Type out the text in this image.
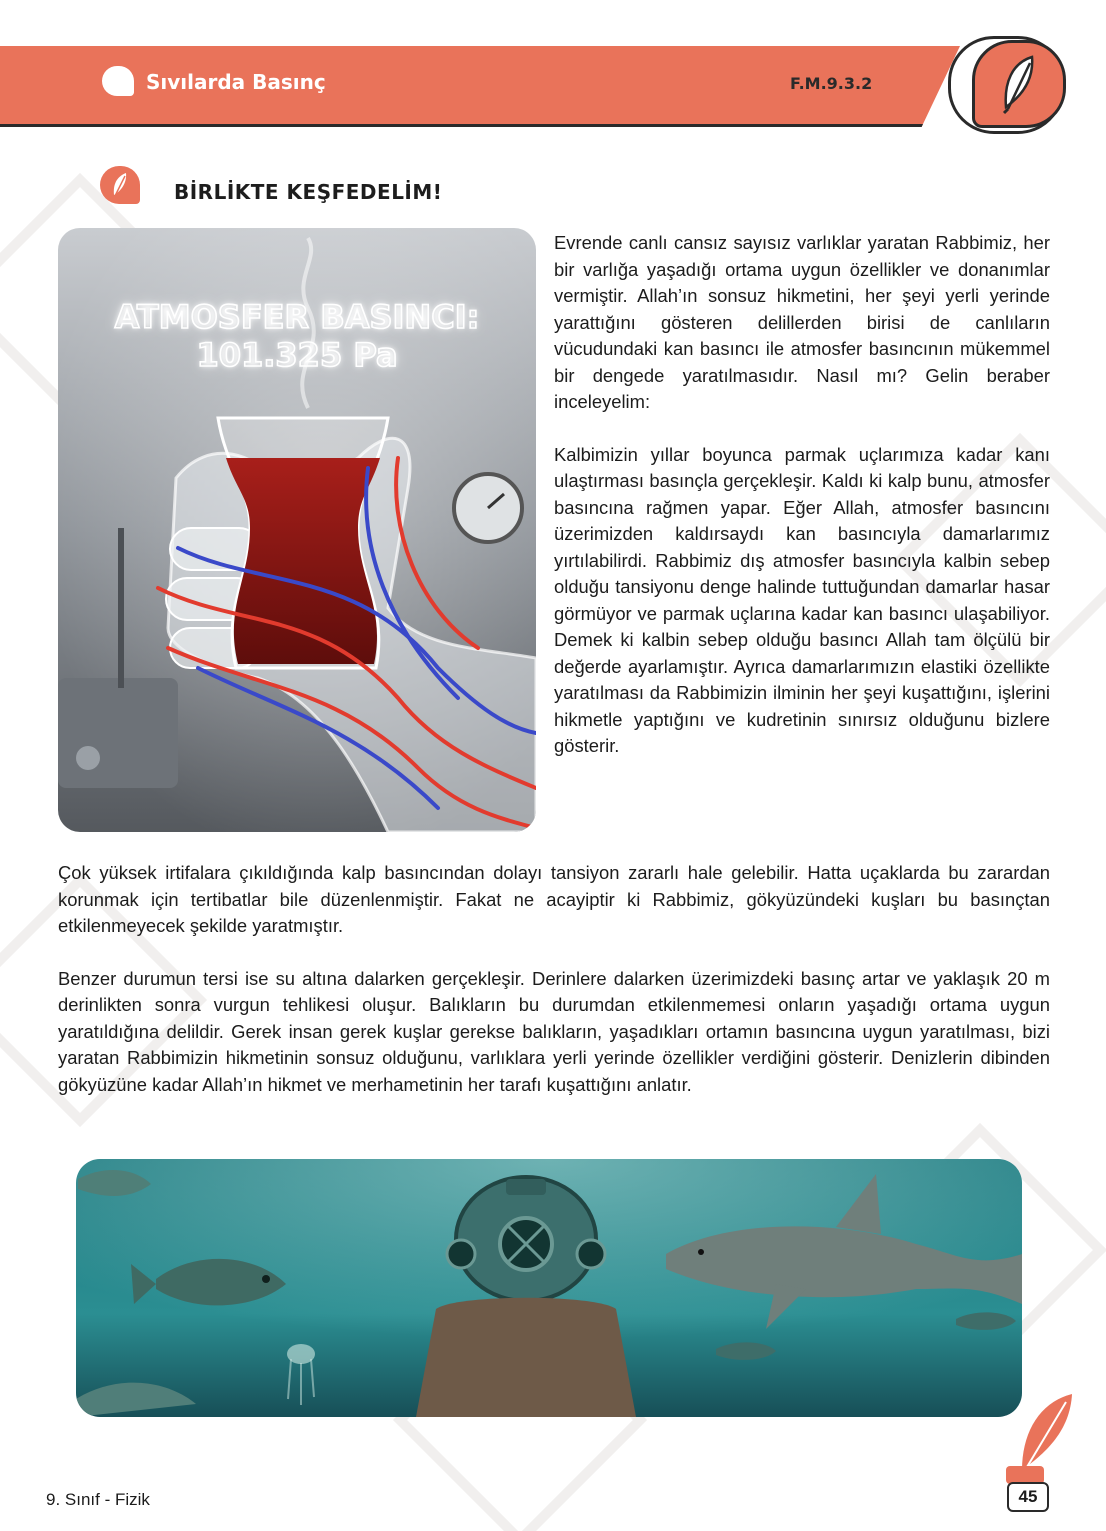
Sıvılarda Basınç	F.M.9.3.2
BİRLİKTE KEŞFEDELİM!
ATMOSFER BASINCI:
101.325 Pa

Evrende canlı cansız sayısız varlıklar yaratan Rabbimiz, her bir varlığa yaşadığı ortama uygun özellikler ve donanımlar vermiştir. Allah’ın sonsuz hikmetini, her şeyi yerli yerinde yarattığını gösteren delillerden birisi de canlıların vücudundaki kan basıncı ile atmosfer basıncının mükemmel bir dengede yaratılmasıdır. Nasıl mı? Gelin beraber inceleyelim:

Kalbimizin yıllar boyunca parmak uçlarımıza kadar kanı ulaştırması basınçla gerçekleşir. Kaldı ki kalp bunu, atmosfer basıncına rağmen yapar. Eğer Allah, atmosfer basıncını üzerimizden kaldırsaydı kan basıncıyla damarlarımız yırtılabilirdi. Rabbimiz dış atmosfer basıncıyla kalbin sebep olduğu tansiyonu denge halinde tuttuğundan damarlar hasar görmüyor ve parmak uçlarına kadar kan basıncı ulaşabiliyor. Demek ki kalbin sebep olduğu basıncı Allah tam ölçülü bir değerde ayarlamıştır. Ayrıca damarlarımızın elastiki özellikte yaratılması da Rabbimizin ilminin her şeyi kuşattığını, işlerini hikmetle yaptığını ve kudretinin sınırsız olduğunu bizlere gösterir.

Çok yüksek irtifalara çıkıldığında kalp basıncından dolayı tansiyon zararlı hale gelebilir. Hatta uçaklarda bu zarardan korunmak için tertibatlar bile düzenlenmiştir. Fakat ne acayiptir ki Rabbimiz, gökyüzündeki kuşları bu basınçtan etkilenmeyecek şekilde yaratmıştır.

Benzer durumun tersi ise su altına dalarken gerçekleşir. Derinlere dalarken üzerimizdeki basınç artar ve yaklaşık 20 m derinlikten sonra vurgun tehlikesi oluşur. Balıkların bu durumdan etkilenmemesi onların yaşadığı ortama uygun yaratıldığına delildir. Gerek insan gerek kuşlar gerekse balıkların, yaşadıkları ortamın basıncına uygun yaratılması, bizi yaratan Rabbimizin hikmetinin sonsuz olduğunu, varlıklara yerli yerinde özellikler verdiğini gösterir. Denizlerin dibinden gökyüzüne kadar Allah’ın hikmet ve merhametinin her tarafı kuşattığını anlatır.

9. Sınıf - Fizik	45
